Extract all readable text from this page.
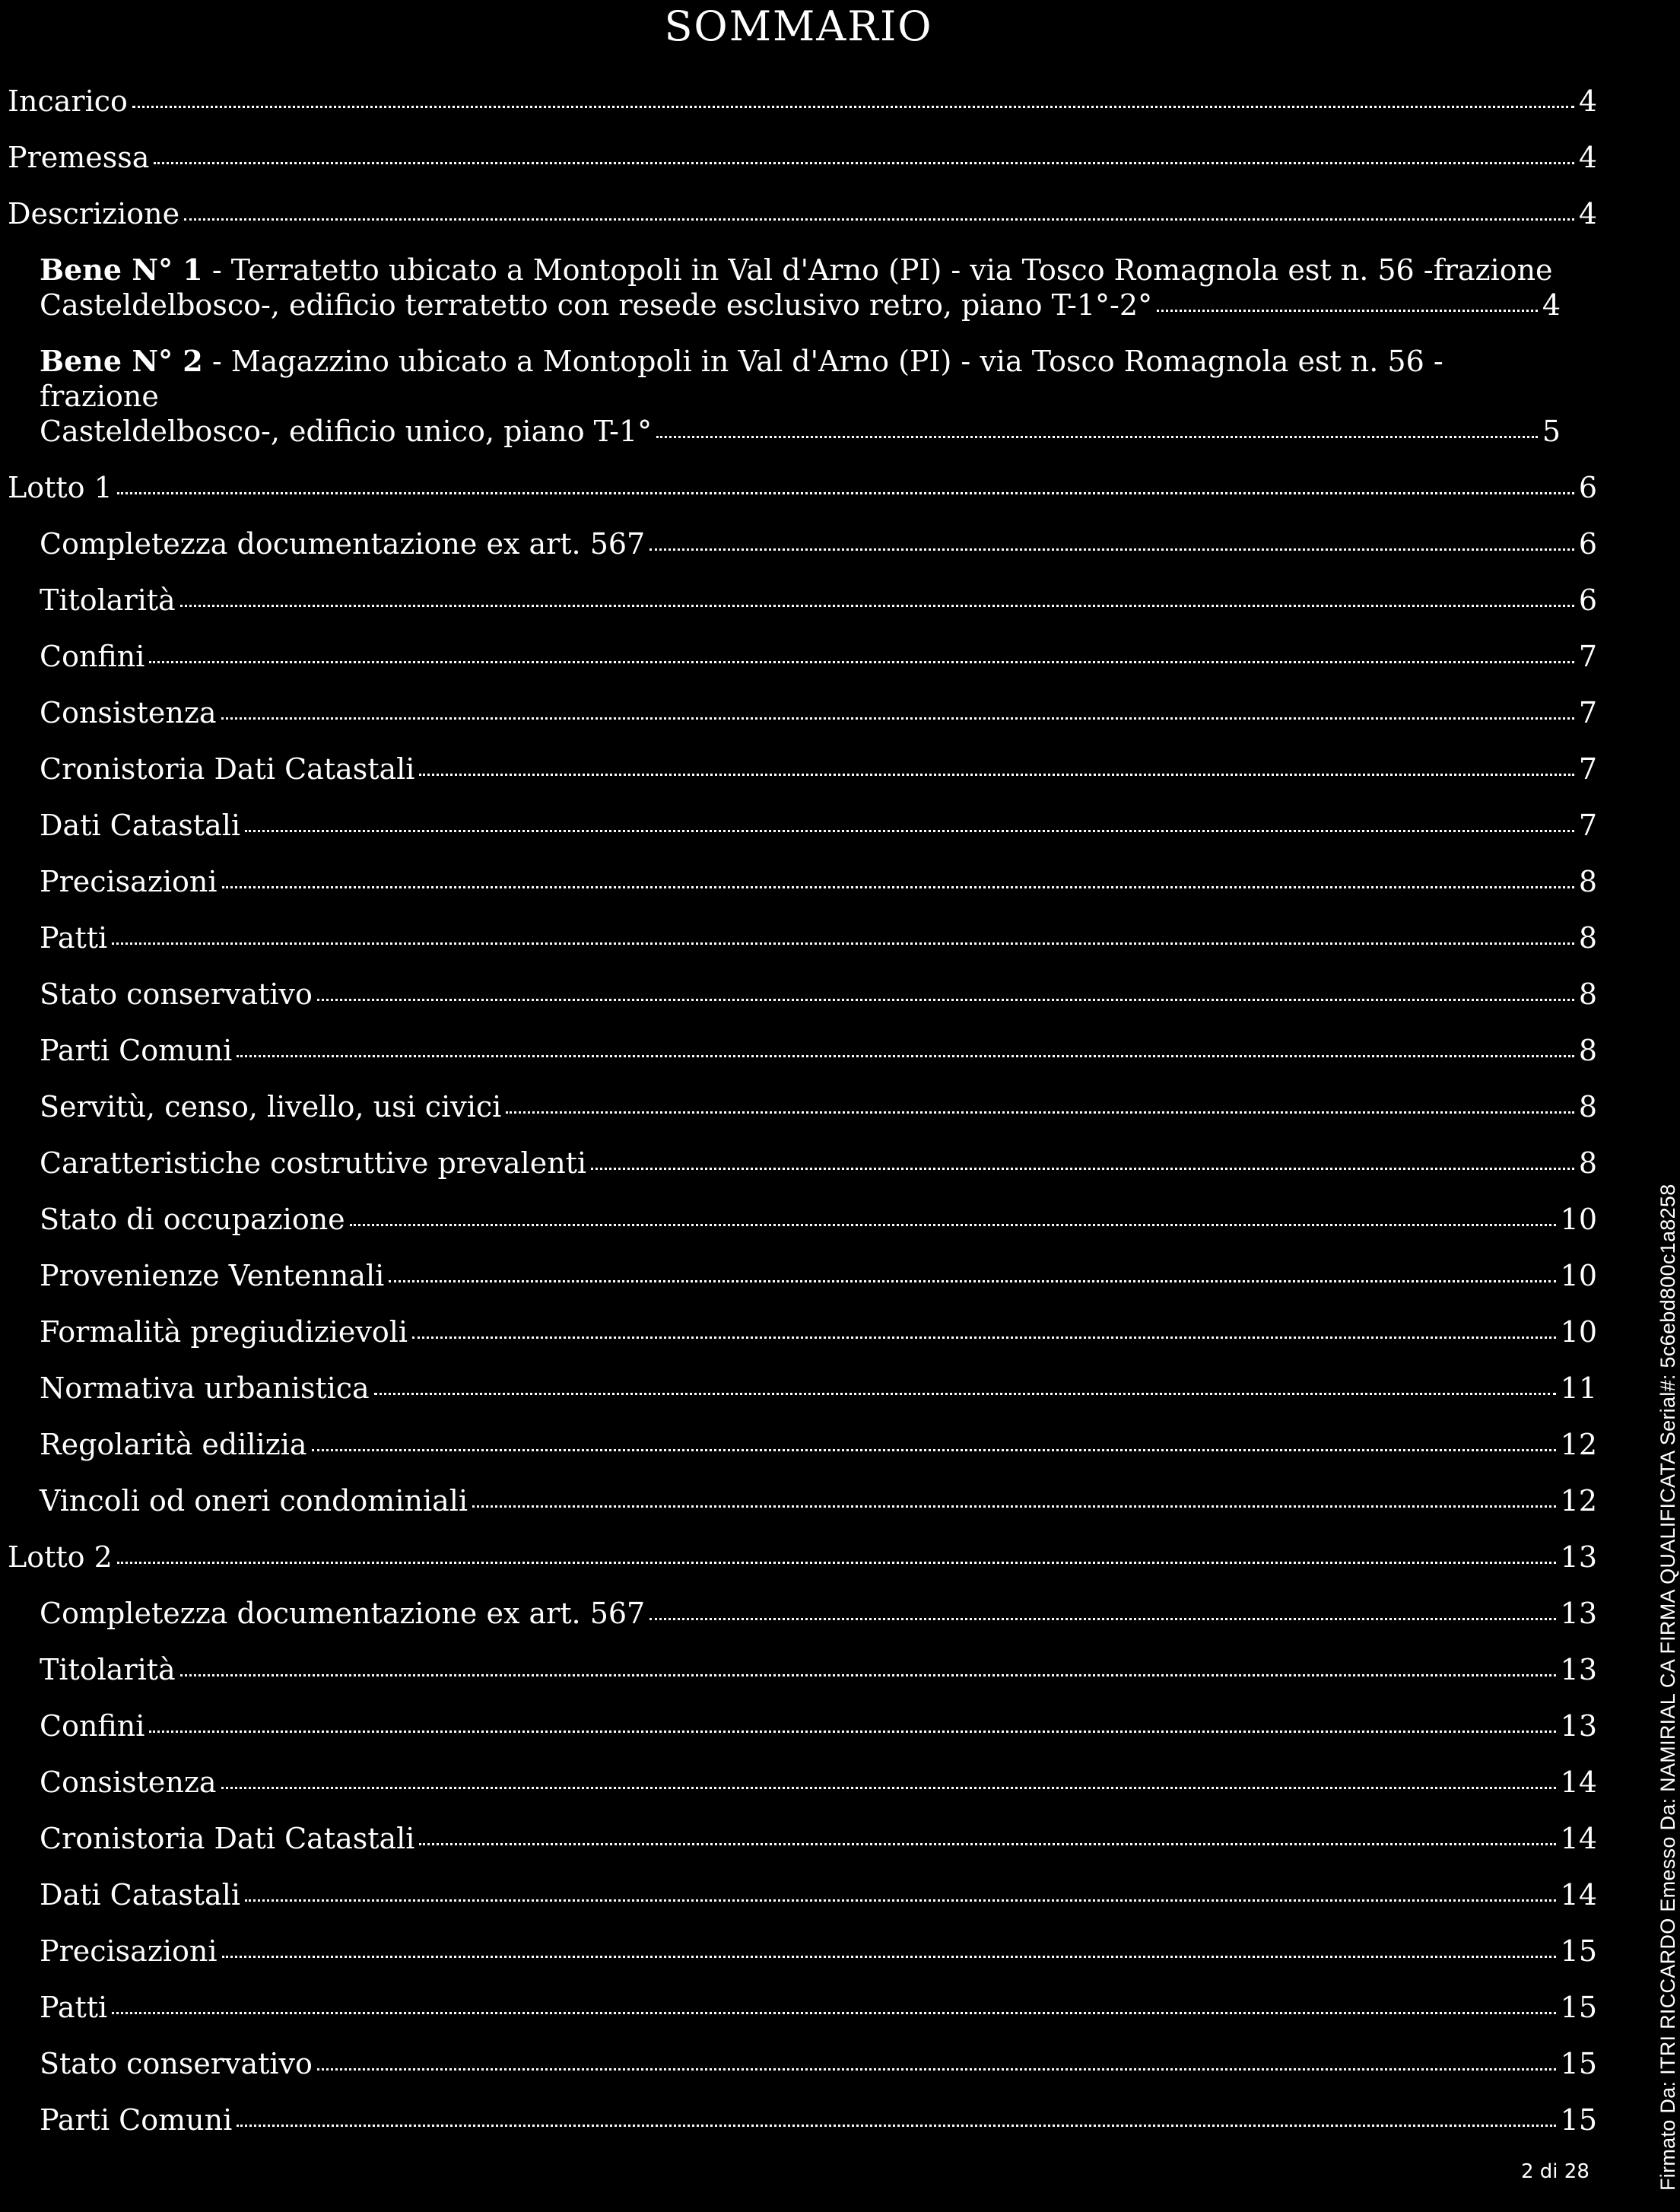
SOMMARIO
Incarico	4
Premessa	4
Descrizione	4
Bene N° 1 - Terratetto ubicato a Montopoli in Val d'Arno (PI) - via Tosco Romagnola est n. 56 -frazione
Casteldelbosco-, edificio terratetto con resede esclusivo retro, piano T-1°-2°	4
Bene N° 2 - Magazzino ubicato a Montopoli in Val d'Arno (PI) - via Tosco Romagnola est n. 56 -frazione
Casteldelbosco-, edificio unico, piano T-1°	5
Lotto 1	6
Completezza documentazione ex art. 567	6
Titolarità	6
Confini	7
Consistenza	7
Cronistoria Dati Catastali	7
Dati Catastali	7
Precisazioni	8
Patti	8
Stato conservativo	8
Parti Comuni	8
Servitù, censo, livello, usi civici	8
Caratteristiche costruttive prevalenti	8
Stato di occupazione	10
Provenienze Ventennali	10
Formalità pregiudizievoli	10
Normativa urbanistica	11
Regolarità edilizia	12
Vincoli od oneri condominiali	12
Lotto 2	13
Completezza documentazione ex art. 567	13
Titolarità	13
Confini	13
Consistenza	14
Cronistoria Dati Catastali	14
Dati Catastali	14
Precisazioni	15
Patti	15
Stato conservativo	15
Parti Comuni	15
2 di 28	Firmato Da: ITRI RICCARDO Emesso Da: NAMIRIAL CA FIRMA QUALIFICATA Serial#: 5c6ebd800c1a8258
